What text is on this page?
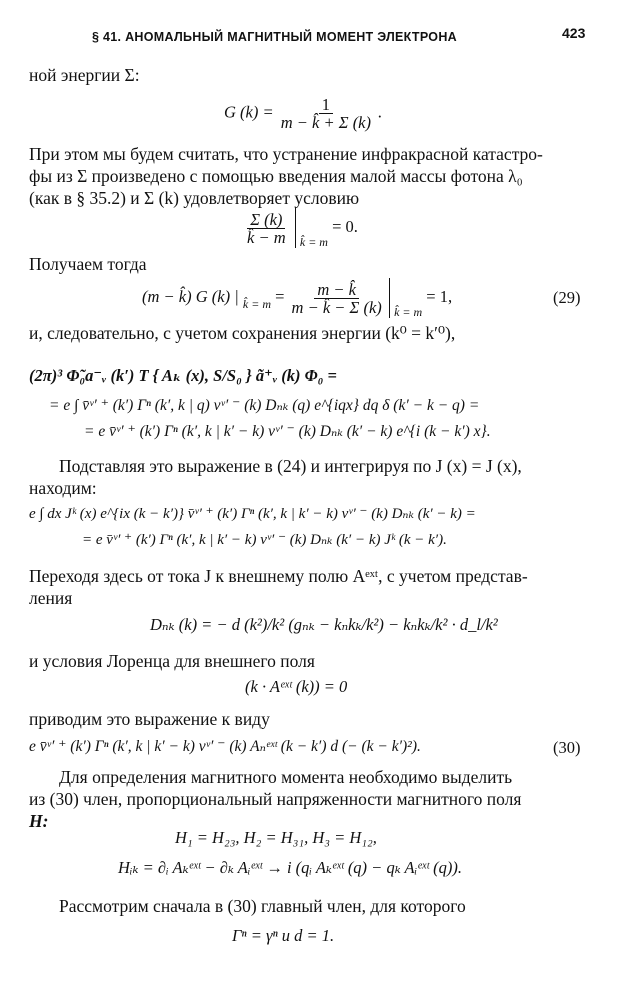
§ 41. АНОМАЛЬНЫЙ МАГНИТНЫЙ МОМЕНТ ЭЛЕКТРОНА	423
ной энергии Σ:
G $(k) = \frac{1}{m - k̂ + \Sigma (k)}$ .
При этом мы будем считать, что устранение инфракрасной катастро-
фы из Σ произведено с помощью введения малой массы фотона λ₀
(как в § 35.2) и Σ (k) удовлетворяет условию
$\frac{\Sigma (k)}{k̂ - m} _{k̂ = m} = 0$.
Получаем тогда
(m − k̂) G (k) | $_{k̂ = m} = \frac{m - k̂}{m - k̂ - \Sigma (k)} _{k̂ = m} = 1$,	(29)
и, следовательно, с учетом сохранения энергии (k⁰ = k′⁰),
(2π)³ Φ̃₀a⁻ᵥ (k′) T { Aₖ (x), S/S₀ } ã⁺ᵥ (k) Φ₀ =
= e ∫ v̄ᵛ′ ⁺ (k′) Γⁿ (k′, k | q) vᵛ′ ⁻ (k) Dₙₖ (q) e^{iqx} dq δ (k′ − k − q) =
= e v̄ᵛ′ ⁺ (k′) Γⁿ (k′, k | k′ − k) vᵛ′ ⁻ (k) Dₙₖ (k′ − k) e^{i (k − k′) x}.
Подставляя это выражение в (24) и интегрируя по J (x) = J (x),
находим:
e ∫ dx Jᵏ (x) e^{ix (k − k′)} v̄ᵛ′ ⁺ (k′) Γⁿ (k′, k | k′ − k) vᵛ′ ⁻ (k) Dₙₖ (k′ − k) =
= e v̄ᵛ′ ⁺ (k′) Γⁿ (k′, k | k′ − k) vᵛ′ ⁻ (k) Dₙₖ (k′ − k) Jᵏ (k − k′).
Переходя здесь от тока J к внешнему полю Aᵉˣᵗ, с учетом представ-
ления
Dₙₖ (k) = − d (k²)/k² (gₙₖ − kₙkₖ/k²) − kₙkₖ/k² · d_l/k²
и условия Лоренца для внешнего поля
(k · Aᵉˣᵗ (k)) = 0
приводим это выражение к виду
e v̄ᵛ′ ⁺ (k′) Γⁿ (k′, k | k′ − k) vᵛ′ ⁻ (k) Aₙᵉˣᵗ (k − k′) d (− (k − k′)²).	(30)
Для определения магнитного момента необходимо выделить
из (30) член, пропорциональный напряженности магнитного поля
H:
H₁ = H₂₃, H₂ = H₃₁, H₃ = H₁₂,
Hᵢₖ = ∂ᵢ Aₖᵉˣᵗ − ∂ₖ Aᵢᵉˣᵗ → i (qᵢ Aₖᵉˣᵗ (q) − qₖ Aᵢᵉˣᵗ (q)).
Рассмотрим сначала в (30) главный член, для которого
Γⁿ = γⁿ и d = 1.
